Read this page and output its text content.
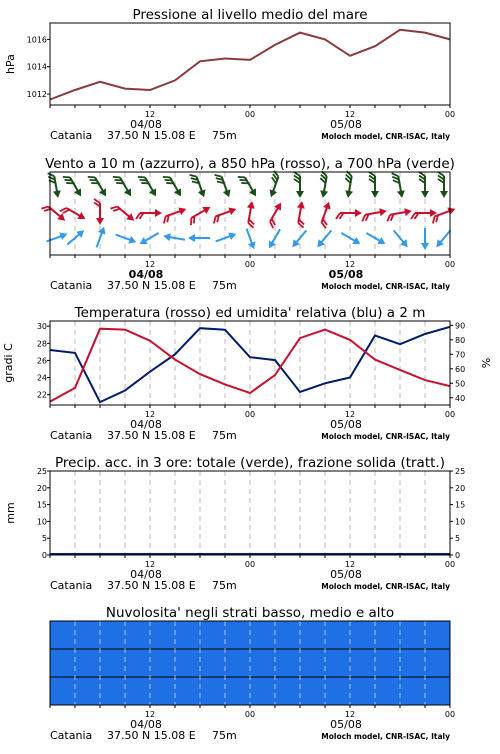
Pressione al livello medio del mare
1012
1014
1016
hPa
12	00	12	00
04/08	05/08
Catania 37.50 N 15.08 E 75m	Moloch model, CNR-ISAC, Italy
Vento a 10 m (azzurro), a 850 hPa (rosso), a 700 hPa (verde)
12	00	12	00
04/08	05/08
Catania 37.50 N 15.08 E 75m	Moloch model, CNR-ISAC, Italy
Temperatura (rosso) ed umidita' relativa (blu) a 2 m
22
24
26
28
30
40
50
60
70
80
90
gradi C	%
12	00	12	00
04/08	05/08
Catania 37.50 N 15.08 E 75m	Moloch model, CNR-ISAC, Italy
Precip. acc. in 3 ore: totale (verde), frazione solida (tratt.)
0
5
10
15
20
25
0
5
10
15
20
25
mm
12	00	12	00
04/08	05/08
Catania 37.50 N 15.08 E 75m	Moloch model, CNR-ISAC, Italy
Nuvolosita' negli strati basso, medio e alto
12	00	12	00
04/08	05/08
Catania 37.50 N 15.08 E 75m	Moloch model, CNR-ISAC, Italy
